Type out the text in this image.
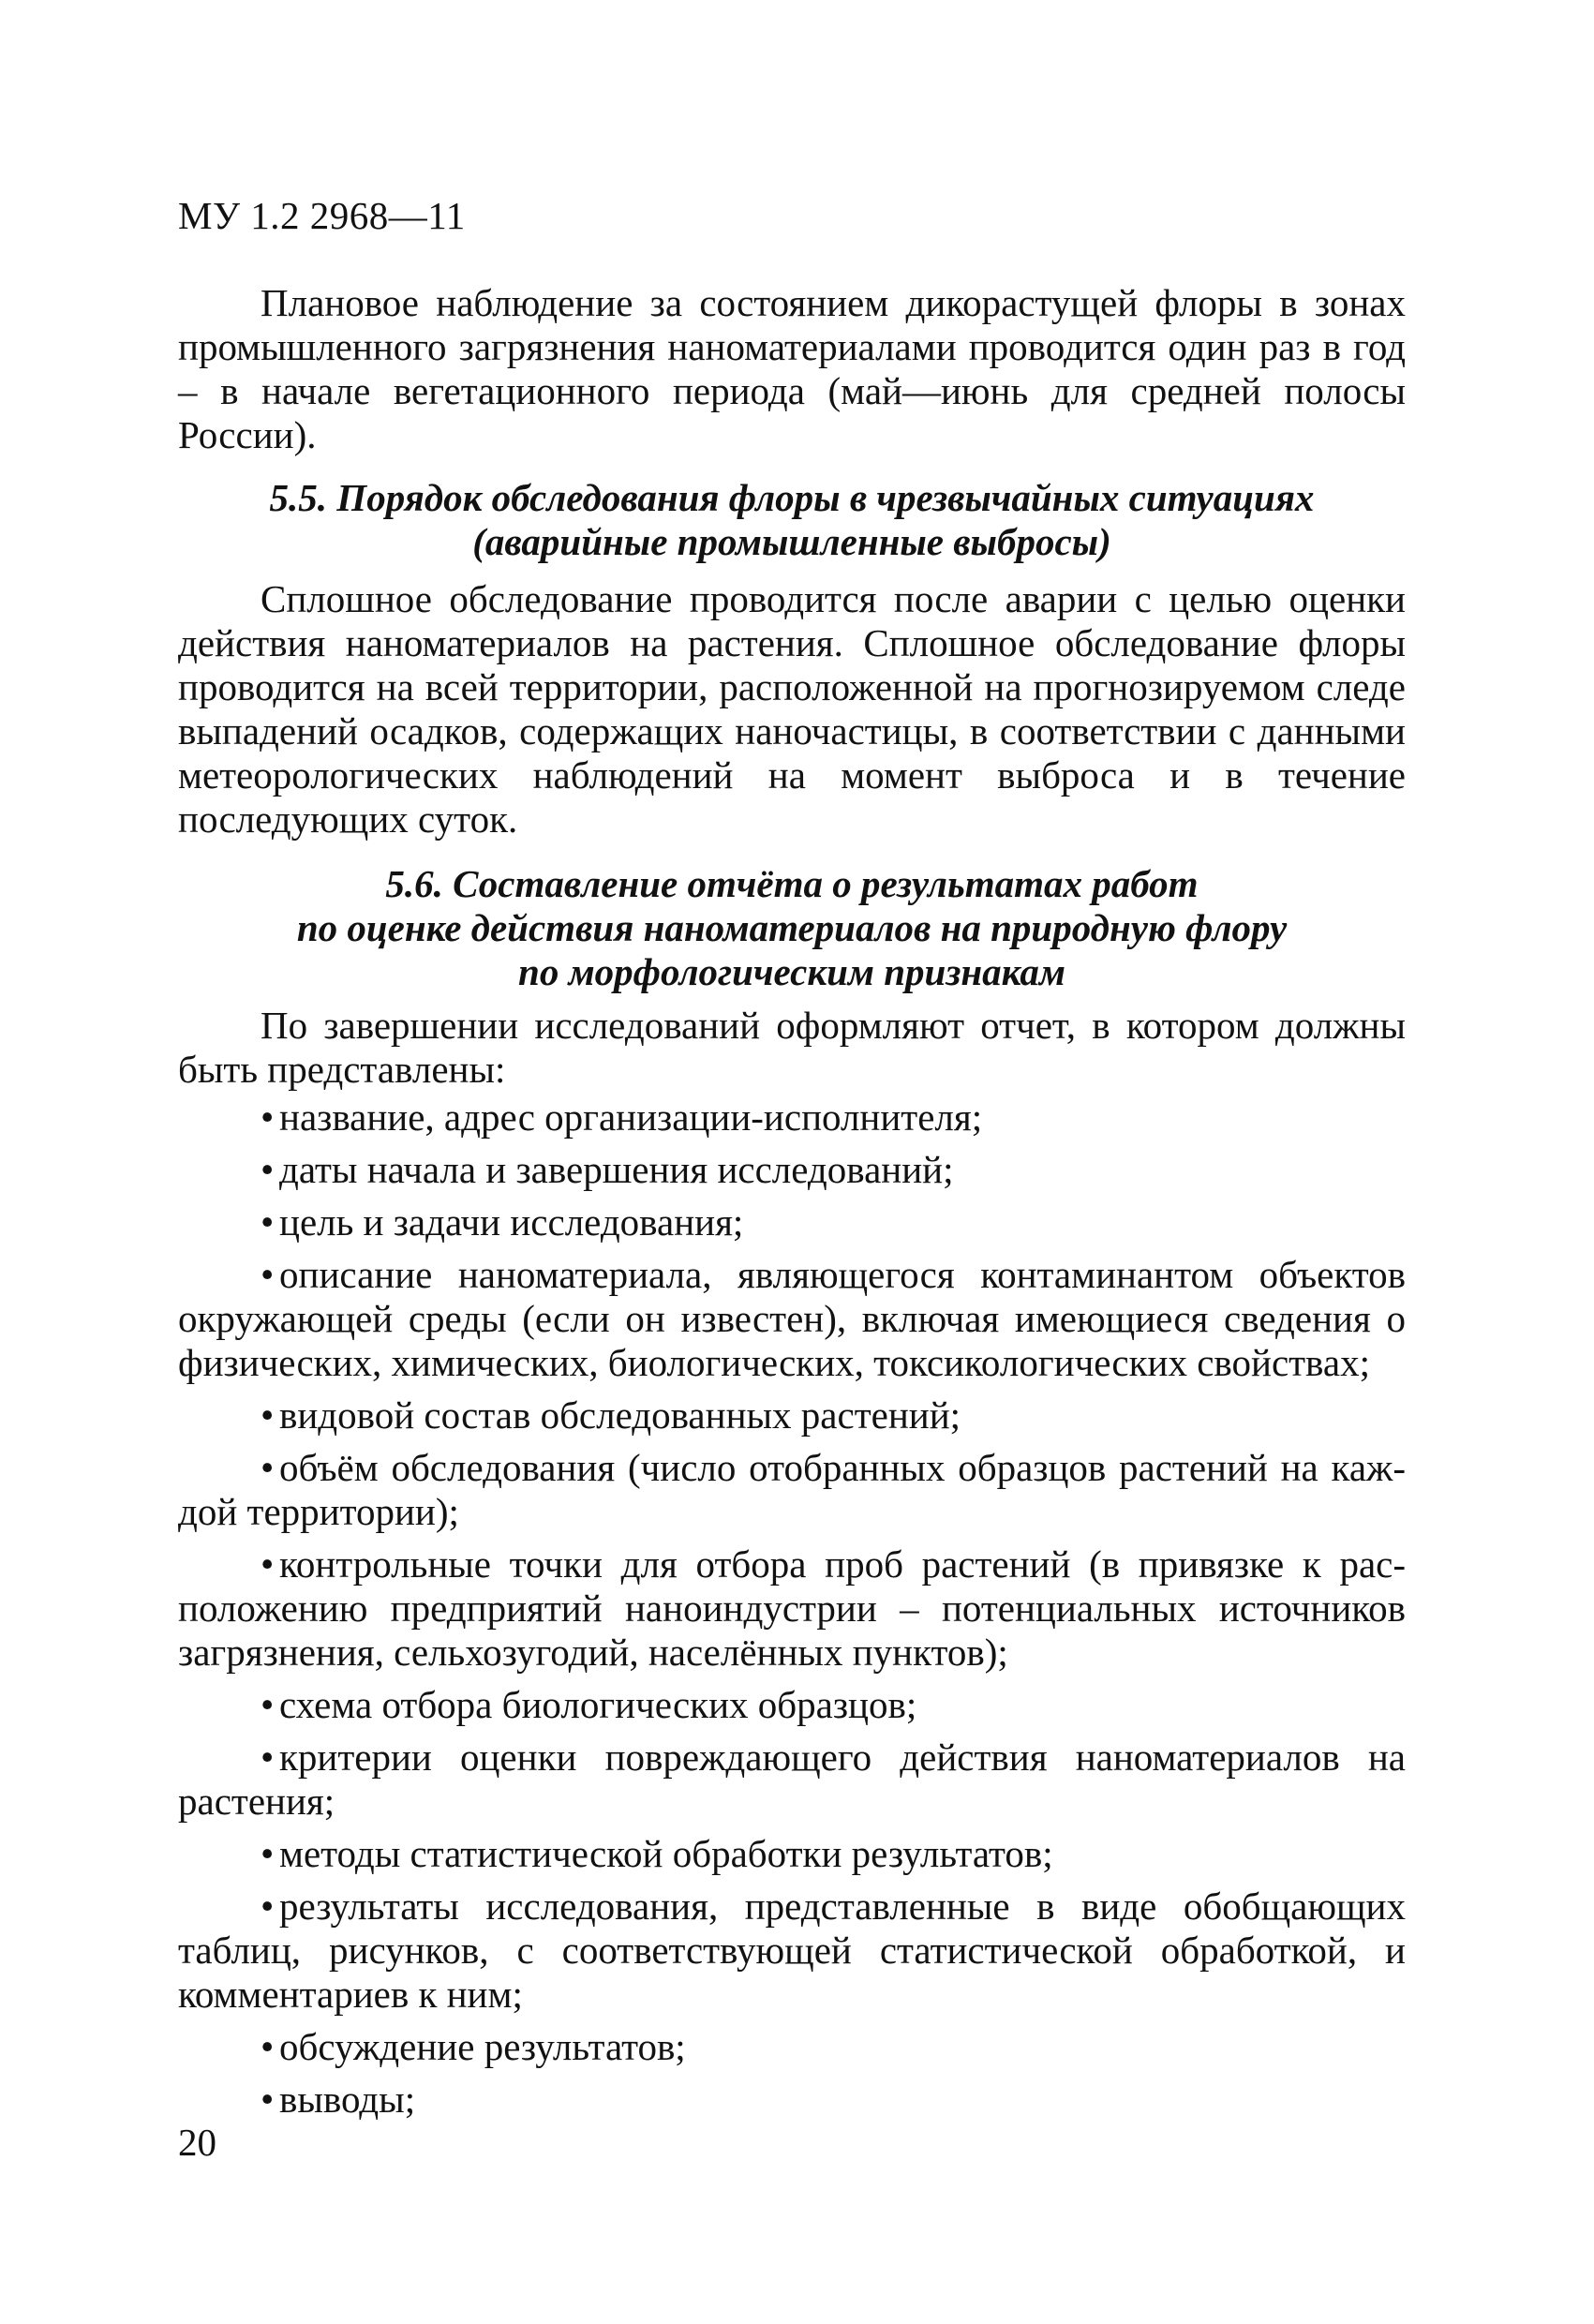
МУ 1.2 2968—11

Плановое наблюдение за состоянием дикорастущей флоры в зонах промышленного загрязнения наноматериалами проводится один раз в год – в начале вегетационного периода (май—июнь для средней полосы России).

5.5. Порядок обследования флоры в чрезвычайных ситуациях
(аварийные промышленные выбросы)

Сплошное обследование проводится после аварии с целью оценки действия наноматериалов на растения. Сплошное обследование флоры проводится на всей территории, расположенной на прогнозируемом следе выпадений осадков, содержащих наночастицы, в соответствии с данными метеорологических наблюдений на момент выброса и в течение последующих суток.

5.6. Составление отчёта о результатах работ
по оценке действия наноматериалов на природную флору
по морфологическим признакам

По завершении исследований оформляют отчет, в котором должны быть представлены:

• название, адрес организации-исполнителя;
• даты начала и завершения исследований;
• цель и задачи исследования;
• описание наноматериала, являющегося контаминантом объектов окружающей среды (если он известен), включая имеющиеся сведения о физических, химических, биологических, токсикологических свойствах;
• видовой состав обследованных растений;
• объём обследования (число отобранных образцов растений на каждой территории);
• контрольные точки для отбора проб растений (в привязке к расположению предприятий наноиндустрии – потенциальных источников загрязнения, сельхозугодий, населённых пунктов);
• схема отбора биологических образцов;
• критерии оценки повреждающего действия наноматериалов на растения;
• методы статистической обработки результатов;
• результаты исследования, представленные в виде обобщающих таблиц, рисунков, с соответствующей статистической обработкой, и комментариев к ним;
• обсуждение результатов;
• выводы;
20
